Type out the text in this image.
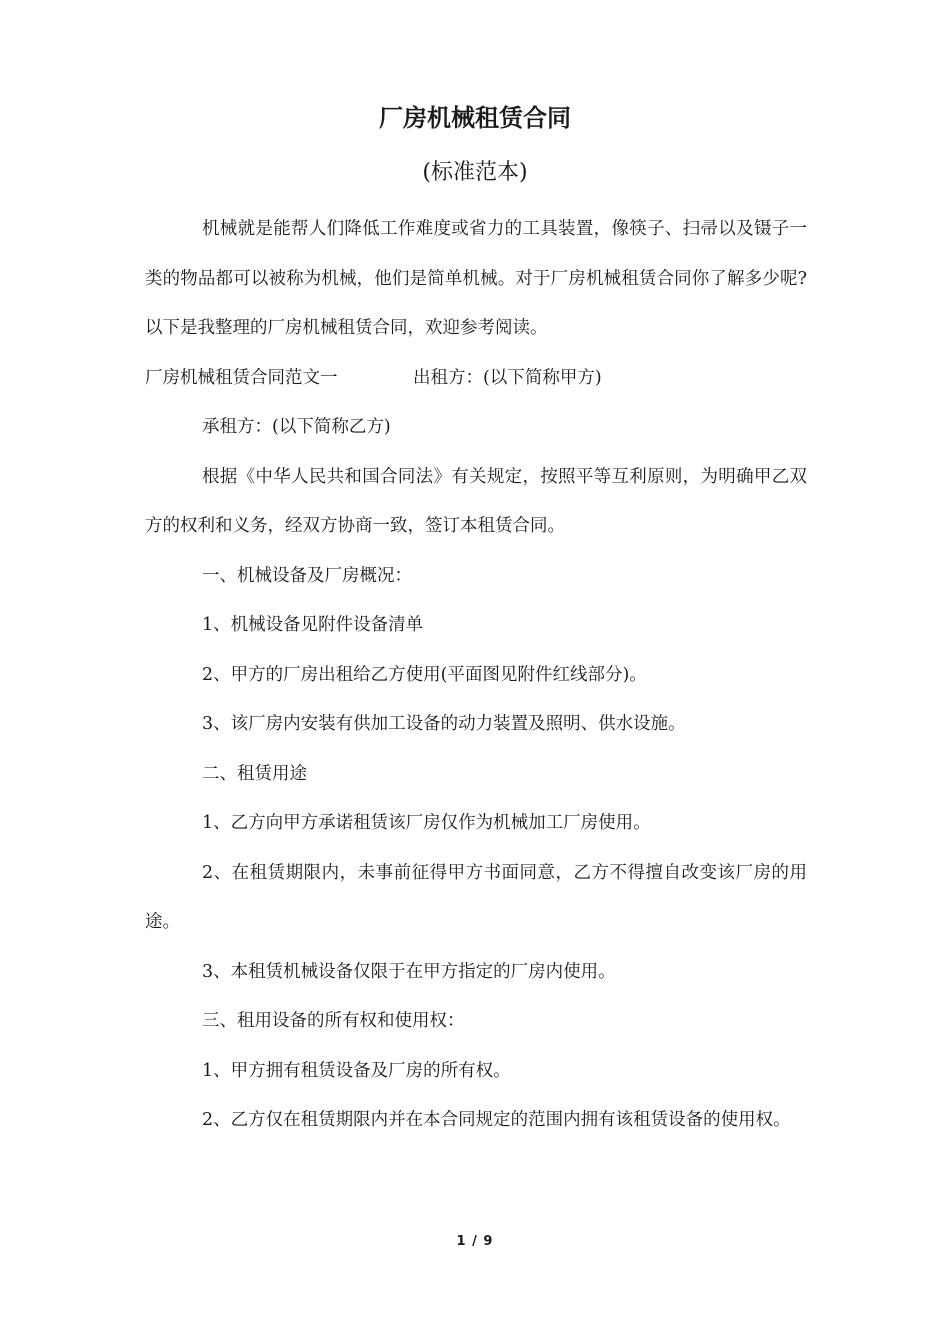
厂房机械租赁合同
(标准范本)

机械就是能帮人们降低工作难度或省力的工具装置，像筷子、扫帚以及镊子一类的物品都可以被称为机械，他们是简单机械。对于厂房机械租赁合同你了解多少呢?以下是我整理的厂房机械租赁合同，欢迎参考阅读。

厂房机械租赁合同范文一	出租方：(以下简称甲方)

承租方：(以下简称乙方)

根据《中华人民共和国合同法》有关规定，按照平等互利原则，为明确甲乙双方的权利和义务，经双方协商一致，签订本租赁合同。

一、机械设备及厂房概况：

1、机械设备见附件设备清单

2、甲方的厂房出租给乙方使用(平面图见附件红线部分)。

3、该厂房内安装有供加工设备的动力装置及照明、供水设施。

二、租赁用途

1、乙方向甲方承诺租赁该厂房仅作为机械加工厂房使用。

2、在租赁期限内，未事前征得甲方书面同意，乙方不得擅自改变该厂房的用途。

3、本租赁机械设备仅限于在甲方指定的厂房内使用。

三、租用设备的所有权和使用权：

1、甲方拥有租赁设备及厂房的所有权。

2、乙方仅在租赁期限内并在本合同规定的范围内拥有该租赁设备的使用权。

1 / 9
